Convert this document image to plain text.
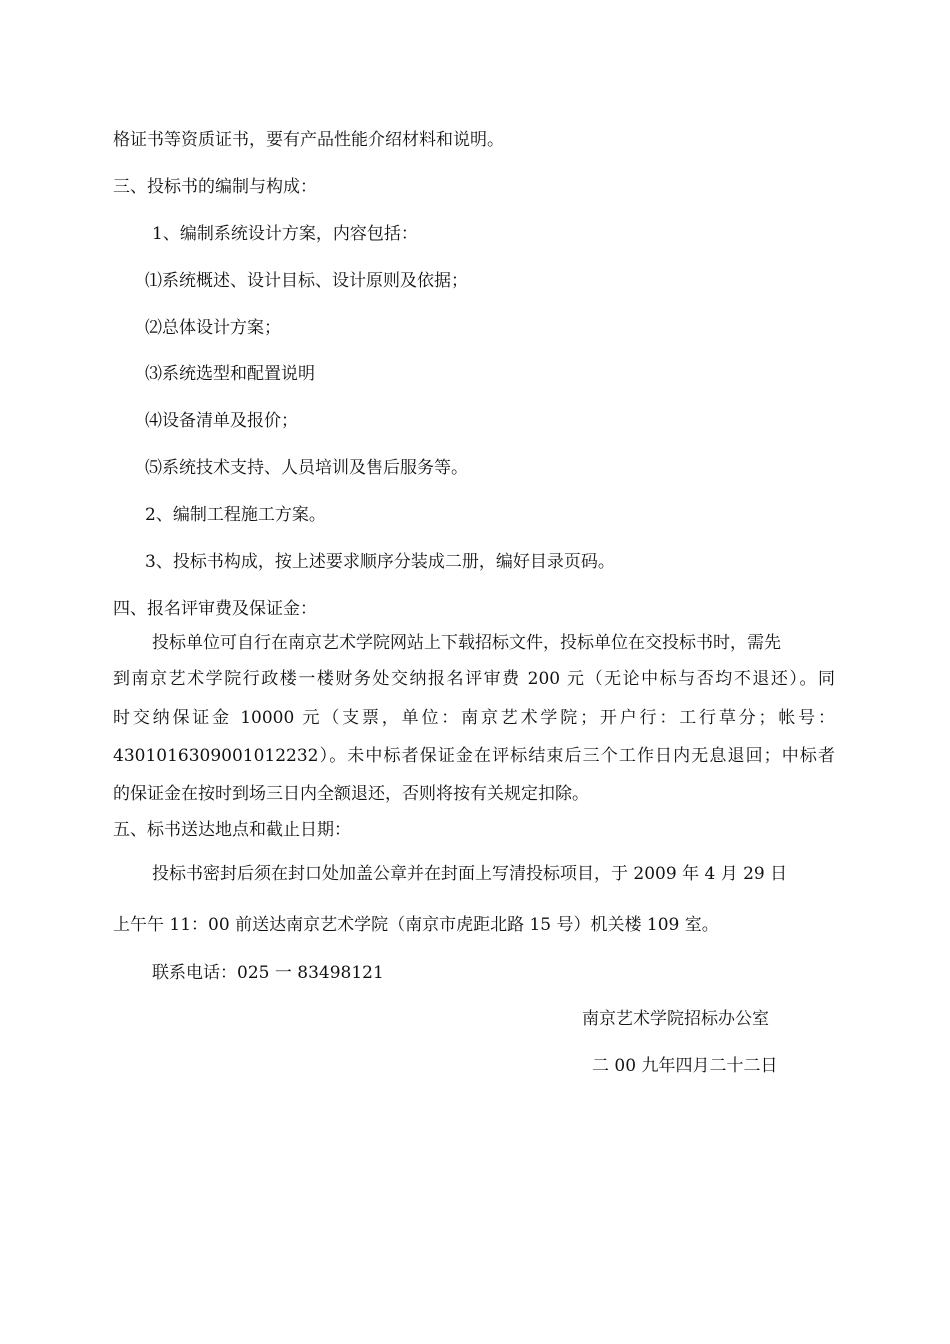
格证书等资质证书，要有产品性能介绍材料和说明。
三、投标书的编制与构成：
1、编制系统设计方案，内容包括：
⑴系统概述、设计目标、设计原则及依据；
⑵总体设计方案；
⑶系统选型和配置说明
⑷设备清单及报价；
⑸系统技术支持、人员培训及售后服务等。
2、编制工程施工方案。
3、投标书构成，按上述要求顺序分装成二册，编好目录页码。
四、报名评审费及保证金：
投标单位可自行在南京艺术学院网站上下载招标文件，投标单位在交投标书时，需先
到南京艺术学院行政楼一楼财务处交纳报名评审费 200 元（无论中标与否均不退还）。同
时交纳保证金 10000 元（支票，单位：南京艺术学院；开户行：工行草分；帐号：
4301016309001012232）。未中标者保证金在评标结束后三个工作日内无息退回；中标者
的保证金在按时到场三日内全额退还，否则将按有关规定扣除。
五、标书送达地点和截止日期：
投标书密封后须在封口处加盖公章并在封面上写清投标项目，于 2009 年 4 月 29 日
上午午 11：00 前送达南京艺术学院（南京市虎距北路 15 号）机关楼 109 室。
联系电话：025 一 83498121
南京艺术学院招标办公室
二 00 九年四月二十二日
